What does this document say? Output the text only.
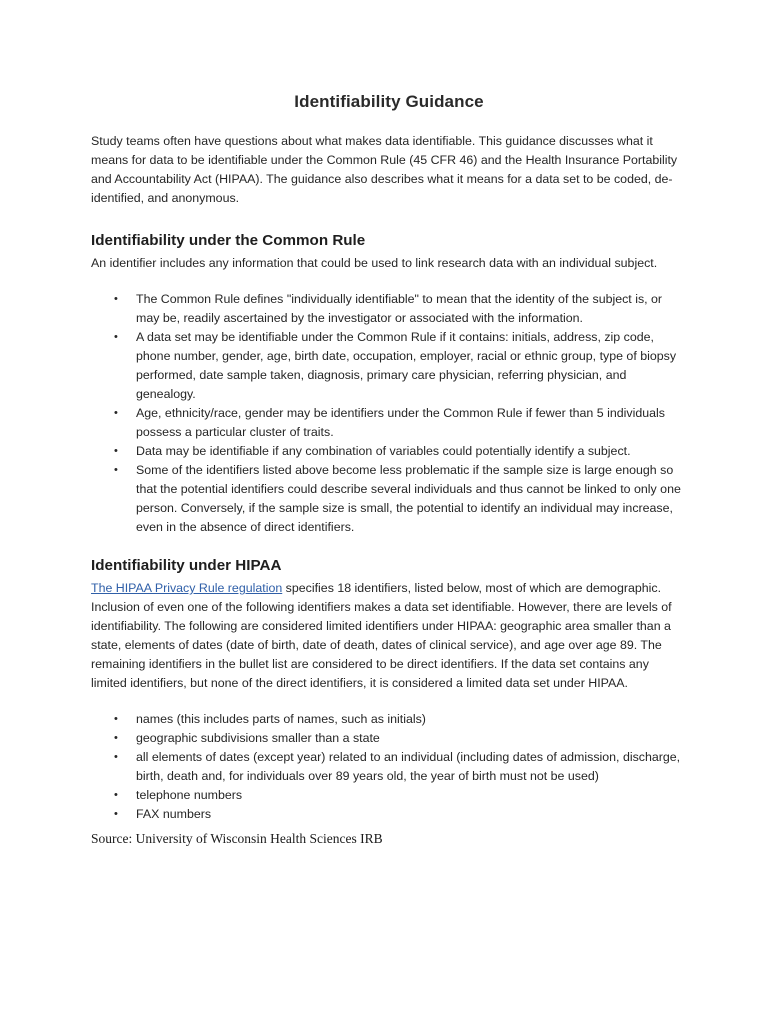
Identifiability Guidance

Study teams often have questions about what makes data identifiable. This guidance discusses what it means for data to be identifiable under the Common Rule (45 CFR 46) and the Health Insurance Portability and Accountability Act (HIPAA). The guidance also describes what it means for a data set to be coded, de-identified, and anonymous.

Identifiability under the Common Rule

An identifier includes any information that could be used to link research data with an individual subject.

• The Common Rule defines "individually identifiable" to mean that the identity of the subject is, or may be, readily ascertained by the investigator or associated with the information.
• A data set may be identifiable under the Common Rule if it contains: initials, address, zip code, phone number, gender, age, birth date, occupation, employer, racial or ethnic group, type of biopsy performed, date sample taken, diagnosis, primary care physician, referring physician, and genealogy.
• Age, ethnicity/race, gender may be identifiers under the Common Rule if fewer than 5 individuals possess a particular cluster of traits.
• Data may be identifiable if any combination of variables could potentially identify a subject.
• Some of the identifiers listed above become less problematic if the sample size is large enough so that the potential identifiers could describe several individuals and thus cannot be linked to only one person. Conversely, if the sample size is small, the potential to identify an individual may increase, even in the absence of direct identifiers.
Identifiability under HIPAA

The HIPAA Privacy Rule regulation specifies 18 identifiers, listed below, most of which are demographic. Inclusion of even one of the following identifiers makes a data set identifiable. However, there are levels of identifiability. The following are considered limited identifiers under HIPAA: geographic area smaller than a state, elements of dates (date of birth, date of death, dates of clinical service), and age over age 89. The remaining identifiers in the bullet list are considered to be direct identifiers. If the data set contains any limited identifiers, but none of the direct identifiers, it is considered a limited data set under HIPAA.

• names (this includes parts of names, such as initials)
• geographic subdivisions smaller than a state
• all elements of dates (except year) related to an individual (including dates of admission, discharge, birth, death and, for individuals over 89 years old, the year of birth must not be used)
• telephone numbers
• FAX numbers

Source: University of Wisconsin Health Sciences IRB
